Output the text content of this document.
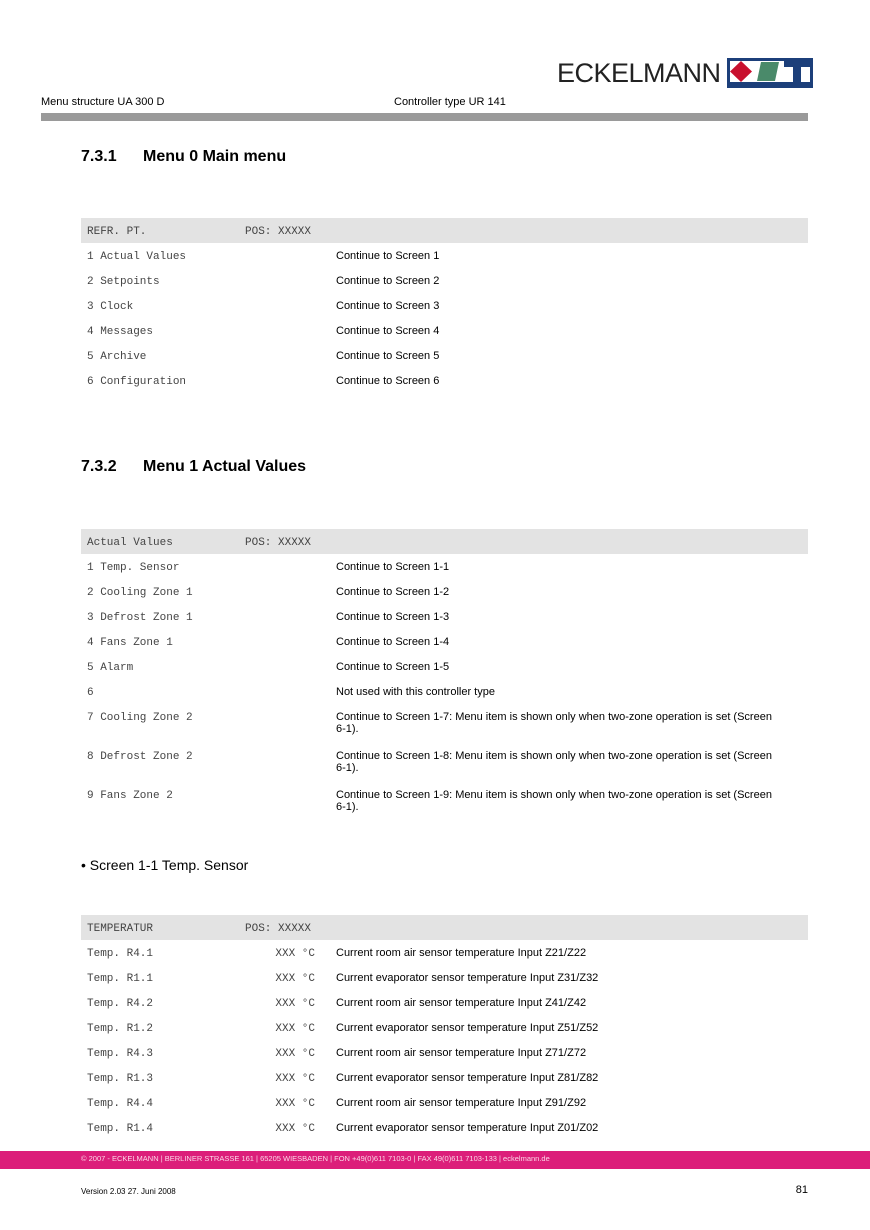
ECKELMANN
Menu structure UA 300 D	Controller type UR 141
7.3.1 Menu 0 Main menu
REFR. PT.	POS: XXXXX
1 Actual Values	Continue to Screen 1
2 Setpoints	Continue to Screen 2
3 Clock	Continue to Screen 3
4 Messages	Continue to Screen 4
5 Archive	Continue to Screen 5
6 Configuration	Continue to Screen 6
7.3.2 Menu 1 Actual Values
Actual Values	POS: XXXXX
1 Temp. Sensor	Continue to Screen 1-1
2 Cooling Zone 1	Continue to Screen 1-2
3 Defrost Zone 1	Continue to Screen 1-3
4 Fans Zone 1	Continue to Screen 1-4
5 Alarm	Continue to Screen 1-5
6	Not used with this controller type
7 Cooling Zone 2	Continue to Screen 1-7: Menu item is shown only when two-zone operation is set (Screen 6-1).
8 Defrost Zone 2	Continue to Screen 1-8: Menu item is shown only when two-zone operation is set (Screen 6-1).
9 Fans Zone 2	Continue to Screen 1-9: Menu item is shown only when two-zone operation is set (Screen 6-1).
• Screen 1-1 Temp. Sensor
TEMPERATUR	POS: XXXXX
Temp. R4.1	XXX °C Current room air sensor temperature Input Z21/Z22
Temp. R1.1	XXX °C Current evaporator sensor temperature Input Z31/Z32
Temp. R4.2	XXX °C Current room air sensor temperature Input Z41/Z42
Temp. R1.2	XXX °C Current evaporator sensor temperature Input Z51/Z52
Temp. R4.3	XXX °C Current room air sensor temperature Input Z71/Z72
Temp. R1.3	XXX °C Current evaporator sensor temperature Input Z81/Z82
Temp. R4.4	XXX °C Current room air sensor temperature Input Z91/Z92
Temp. R1.4	XXX °C Current evaporator sensor temperature Input Z01/Z02
© 2007 - ECKELMANN | BERLINER STRASSE 161 | 65205 WIESBADEN | FON +49(0)611 7103-0 | FAX 49(0)611 7103-133 | eckelmann.de
Version 2.03 27. Juni 2008	81
